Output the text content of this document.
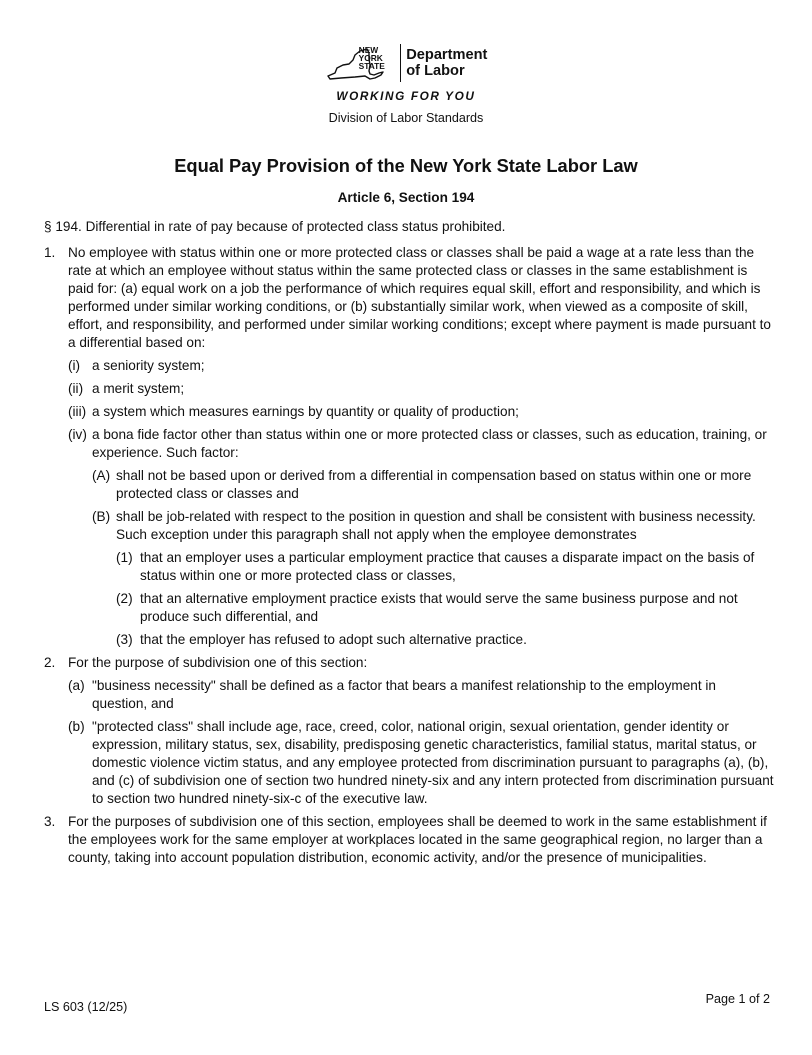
NEW
YORK
STATE
Department
of Labor
WORKING FOR YOU
Division of Labor Standards
Equal Pay Provision of the New York State Labor Law
Article 6, Section 194
§ 194. Differential in rate of pay because of protected class status prohibited.
1. No employee with status within one or more protected class or classes shall be paid a wage at a rate less than the rate at which an employee without status within the same protected class or classes in the same establishment is paid for: (a) equal work on a job the performance of which requires equal skill, effort and responsibility, and which is performed under similar working conditions, or (b) substantially similar work, when viewed as a composite of skill, effort, and responsibility, and performed under similar working conditions; except where payment is made pursuant to a differential based on:
(i) a seniority system;
(ii) a merit system;
(iii) a system which measures earnings by quantity or quality of production;
(iv) a bona fide factor other than status within one or more protected class or classes, such as education, training, or experience. Such factor:
(A) shall not be based upon or derived from a differential in compensation based on status within one or more protected class or classes and
(B) shall be job-related with respect to the position in question and shall be consistent with business necessity. Such exception under this paragraph shall not apply when the employee demonstrates
(1) that an employer uses a particular employment practice that causes a disparate impact on the basis of status within one or more protected class or classes,
(2) that an alternative employment practice exists that would serve the same business purpose and not produce such differential, and
(3) that the employer has refused to adopt such alternative practice.
2. For the purpose of subdivision one of this section:
(a) "business necessity" shall be defined as a factor that bears a manifest relationship to the employment in question, and
(b) "protected class" shall include age, race, creed, color, national origin, sexual orientation, gender identity or expression, military status, sex, disability, predisposing genetic characteristics, familial status, marital status, or domestic violence victim status, and any employee protected from discrimination pursuant to paragraphs (a), (b), and (c) of subdivision one of section two hundred ninety-six and any intern protected from discrimination pursuant to section two hundred ninety-six-c of the executive law.
3. For the purposes of subdivision one of this section, employees shall be deemed to work in the same establishment if the employees work for the same employer at workplaces located in the same geographical region, no larger than a county, taking into account population distribution, economic activity, and/or the presence of municipalities.
LS 603 (12/25)
Page 1 of 2
